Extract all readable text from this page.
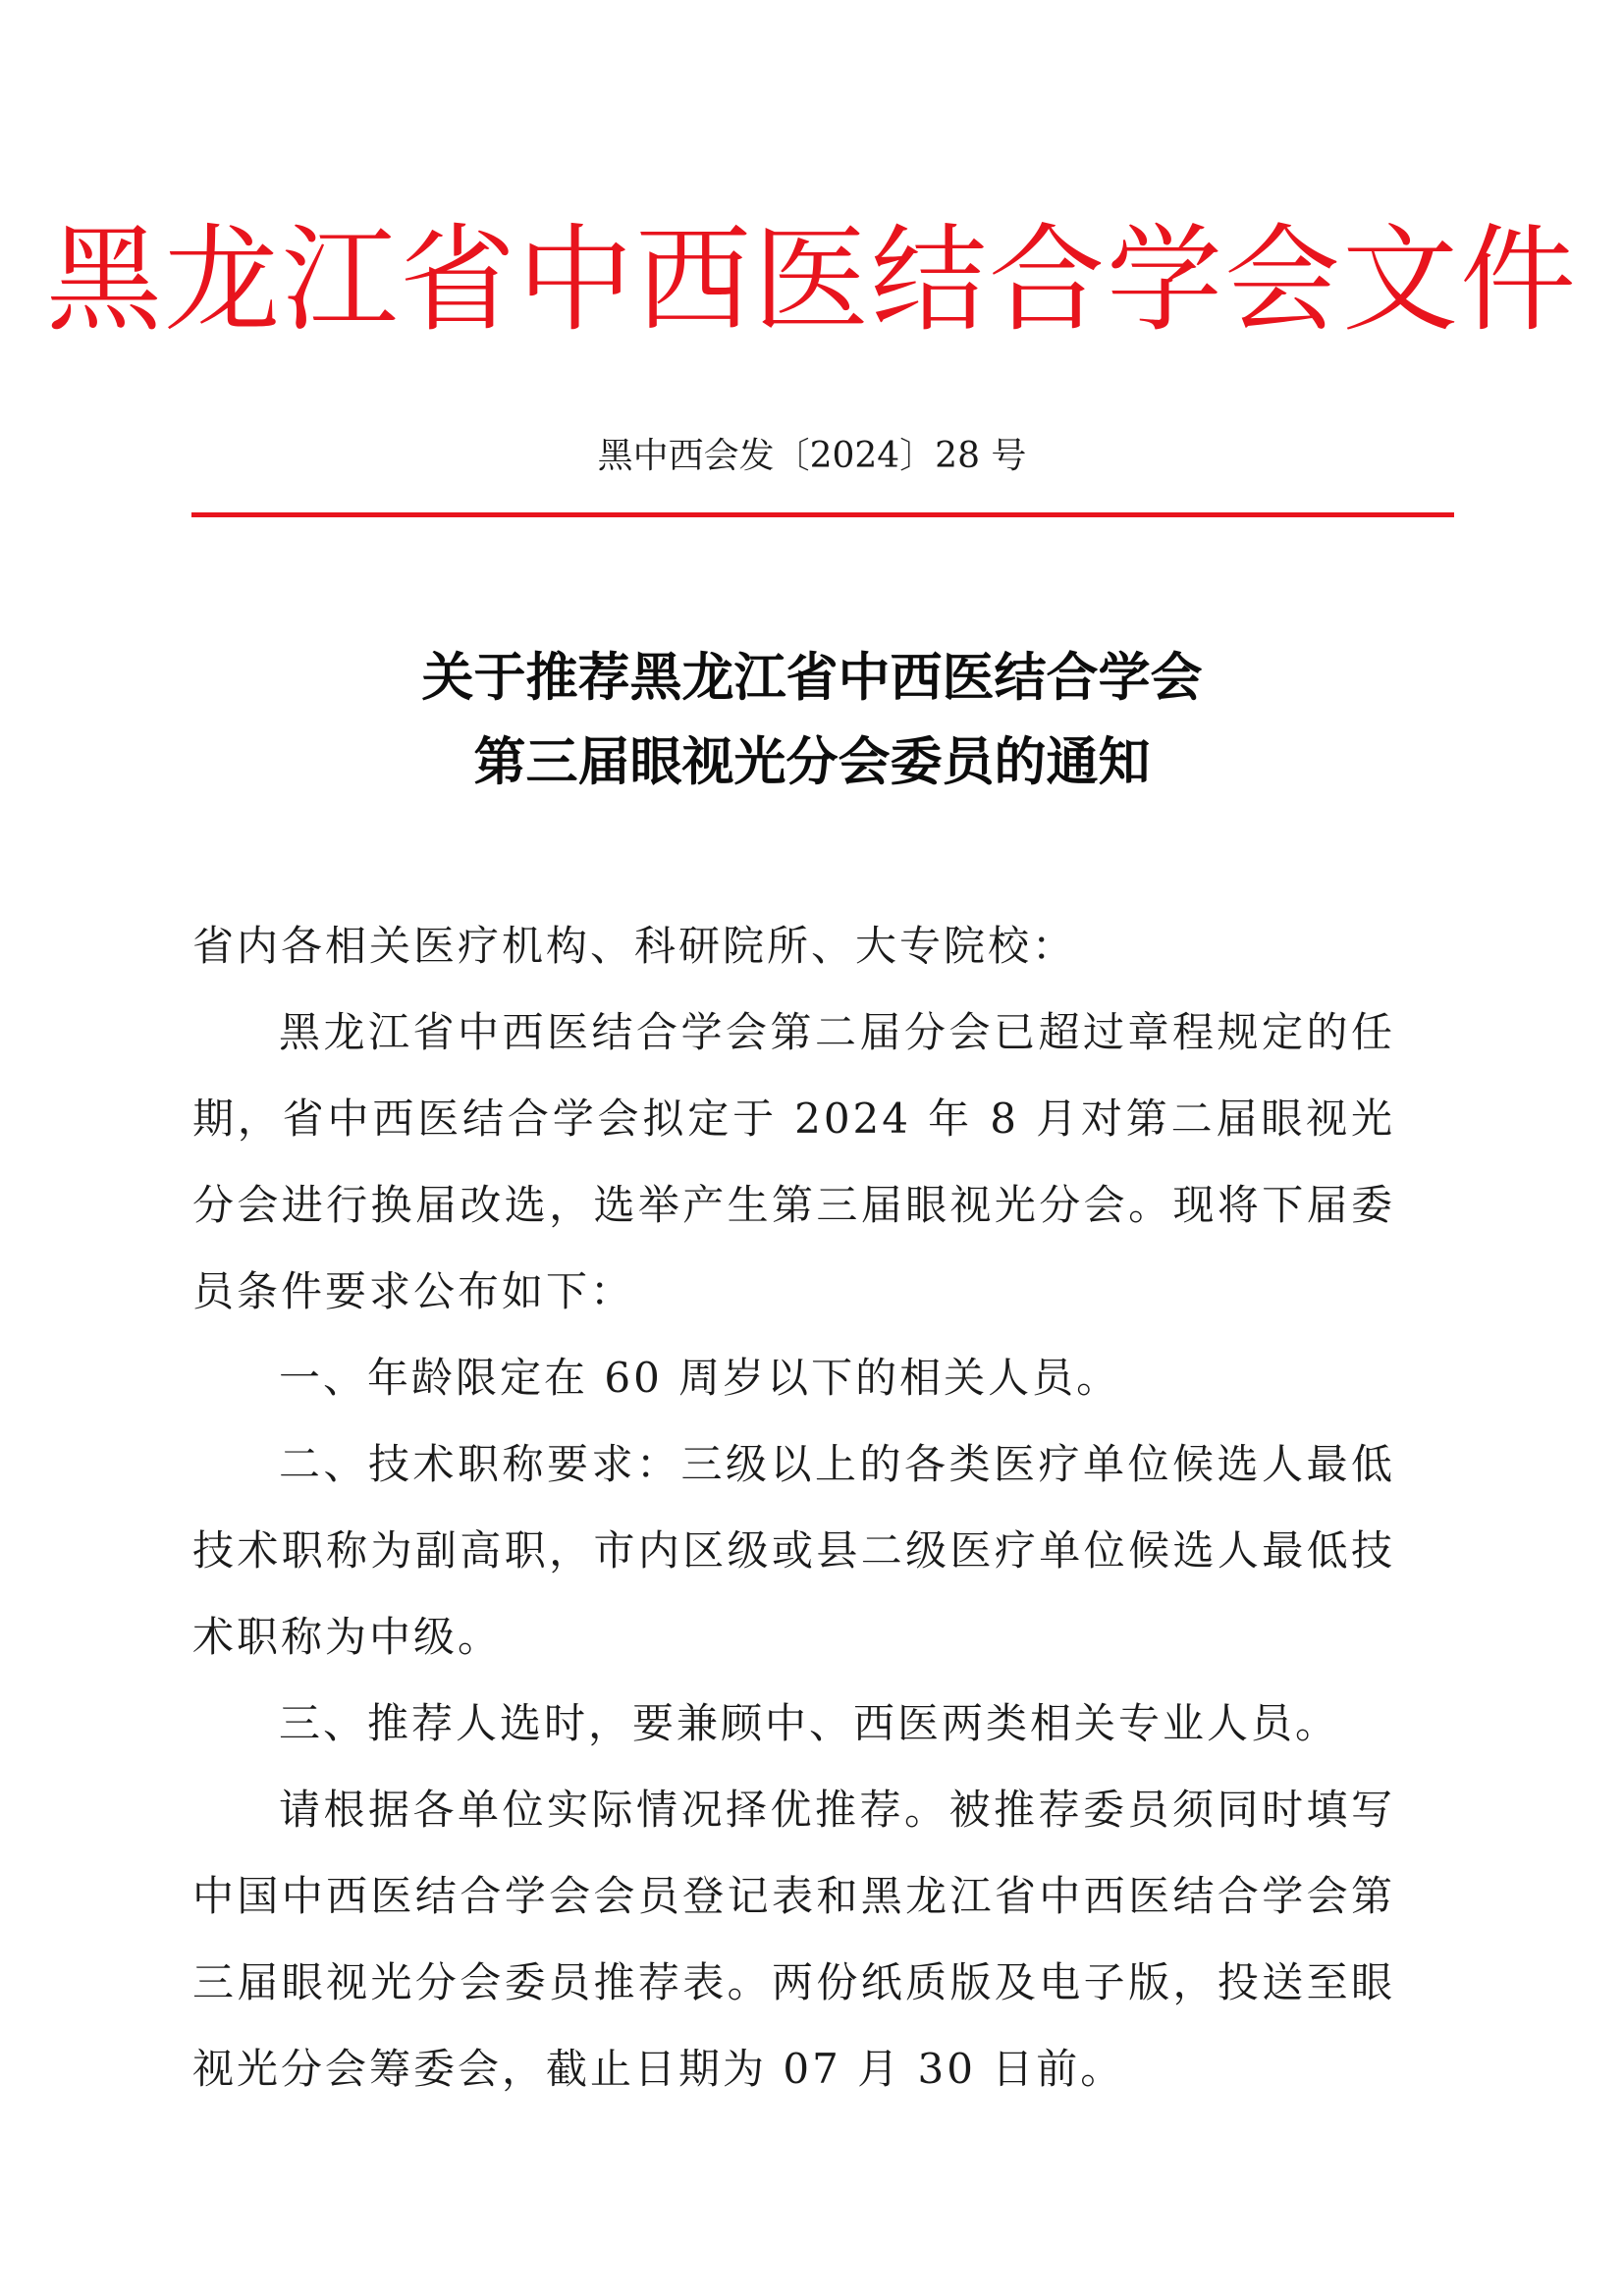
黑龙江省中西医结合学会文件
黑中西会发〔2024〕28 号
关于推荐黑龙江省中西医结合学会
第三届眼视光分会委员的通知

省内各相关医疗机构、科研院所、大专院校：

黑龙江省中西医结合学会第二届分会已超过章程规定的任期，省中西医结合学会拟定于 2024 年 8 月对第二届眼视光分会进行换届改选，选举产生第三届眼视光分会。现将下届委员条件要求公布如下：

一、年龄限定在 60 周岁以下的相关人员。

二、技术职称要求：三级以上的各类医疗单位候选人最低技术职称为副高职，市内区级或县二级医疗单位候选人最低技术职称为中级。

三、推荐人选时，要兼顾中、西医两类相关专业人员。

请根据各单位实际情况择优推荐。被推荐委员须同时填写中国中西医结合学会会员登记表和黑龙江省中西医结合学会第三届眼视光分会委员推荐表。两份纸质版及电子版，投送至眼视光分会筹委会，截止日期为 07 月 30 日前。
